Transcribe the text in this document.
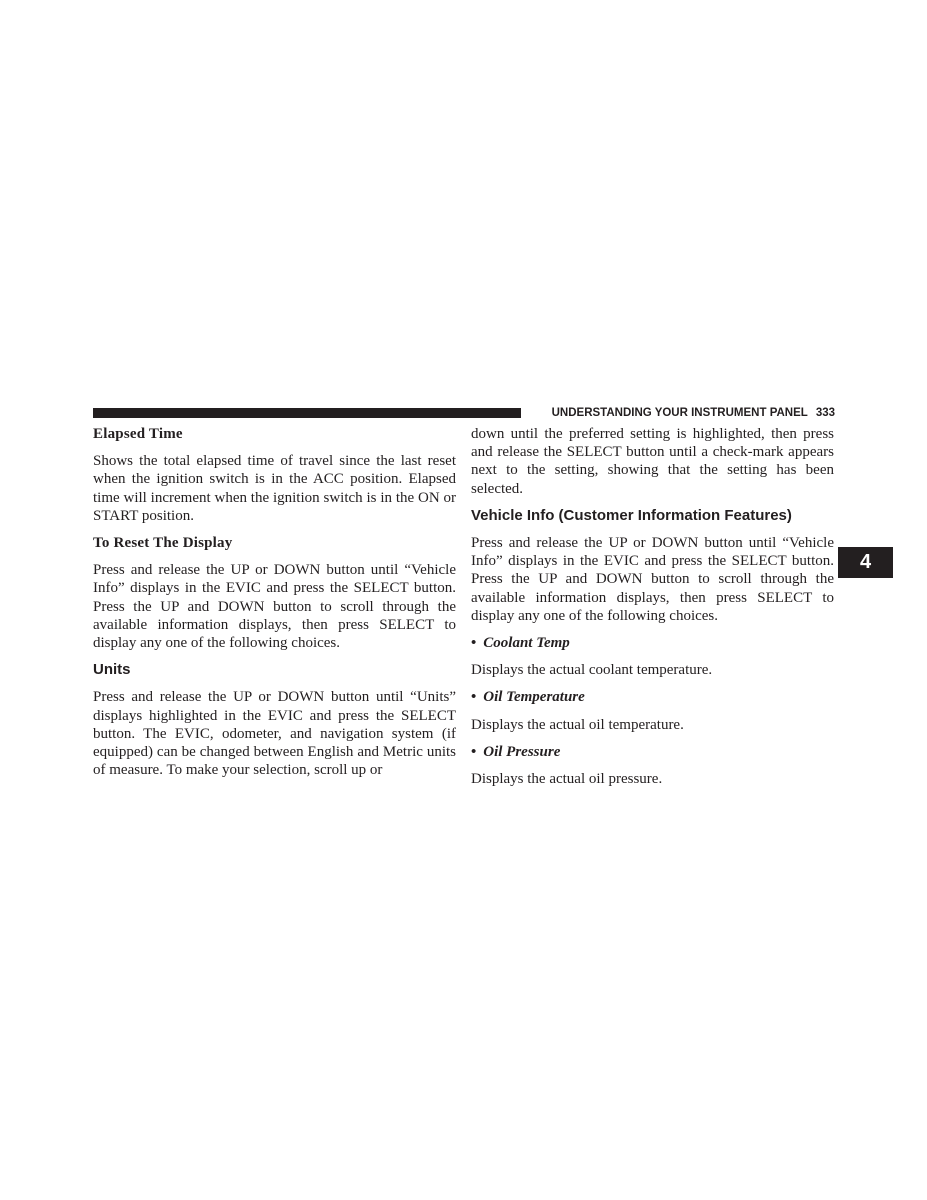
UNDERSTANDING YOUR INSTRUMENT PANEL 333
4
Elapsed Time

Shows the total elapsed time of travel since the last reset when the ignition switch is in the ACC position. Elapsed time will increment when the ignition switch is in the ON or START position.

To Reset The Display

Press and release the UP or DOWN button until “Vehicle Info” displays in the EVIC and press the SELECT button. Press the UP and DOWN button to scroll through the available information displays, then press SELECT to display any one of the following choices.

Units

Press and release the UP or DOWN button until “Units” displays highlighted in the EVIC and press the SELECT button. The EVIC, odometer, and navigation system (if equipped) can be changed between English and Metric units of measure. To make your selection, scroll up or

down until the preferred setting is highlighted, then press and release the SELECT button until a check-mark appears next to the setting, showing that the setting has been selected.

Vehicle Info (Customer Information Features)

Press and release the UP or DOWN button until “Vehicle Info” displays in the EVIC and press the SELECT button. Press the UP and DOWN button to scroll through the available information displays, then press SELECT to display any one of the following choices.

• Coolant Temp

Displays the actual coolant temperature.

• Oil Temperature

Displays the actual oil temperature.

• Oil Pressure

Displays the actual oil pressure.
